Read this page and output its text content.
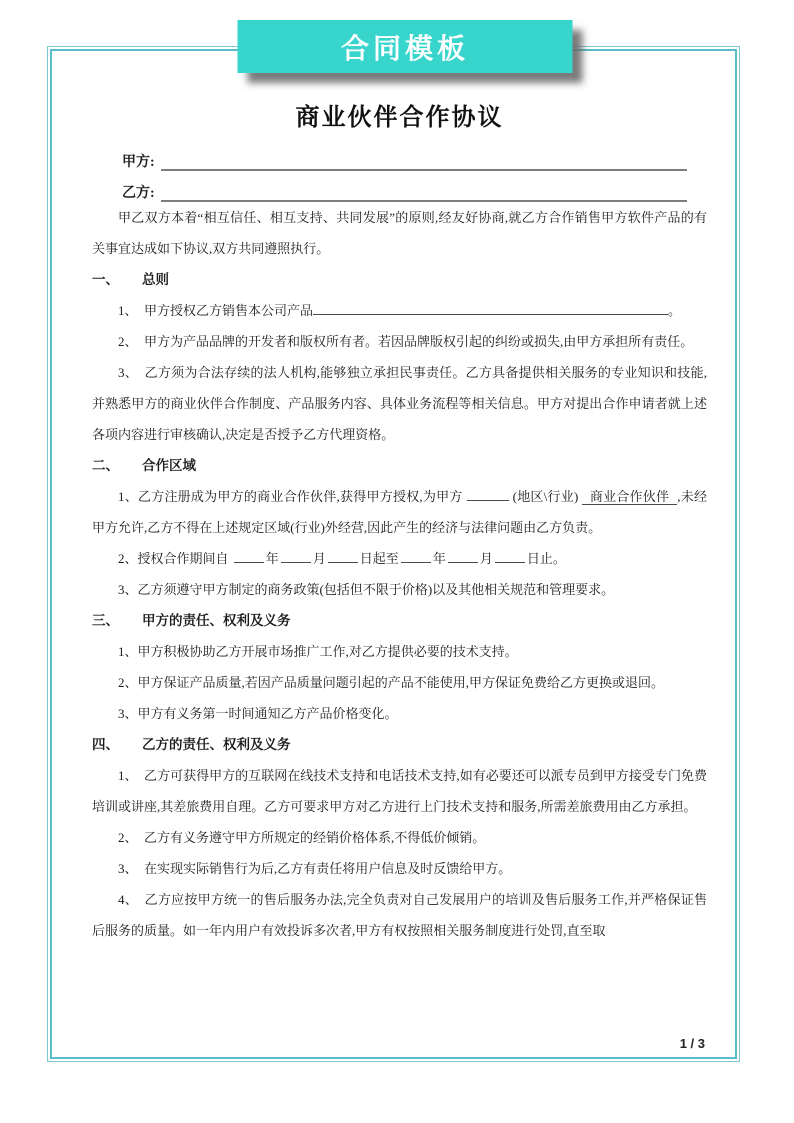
商业伙伴合作协议
甲方:
乙方:

甲乙双方本着“相互信任、相互支持、共同发展”的原则,经友好协商,就乙方合作销售甲方软件产品的有关事宜达成如下协议,双方共同遵照执行。

一、 总则

1、　甲方授权乙方销售本公司产品	。

2、　甲方为产品品牌的开发者和版权所有者。若因品牌版权引起的纠纷或损失,由甲方承担所有责任。

3、　乙方须为合法存续的法人机构,能够独立承担民事责任。乙方具备提供相关服务的专业知识和技能,并熟悉甲方的商业伙伴合作制度、产品服务内容、具体业务流程等相关信息。甲方对提出合作申请者就上述各项内容进行审核确认,决定是否授予乙方代理资格。

二、 合作区域

1、乙方注册成为甲方的商业合作伙伴,获得甲方授权,为甲方	(地区\行业) 商业合作伙伴 ,未经甲方允许,乙方不得在上述规定区域(行业)外经营,因此产生的经济与法律问题由乙方负责。

2、授权合作期间自	年	月	日起至	年	月	日止。

3、乙方须遵守甲方制定的商务政策(包括但不限于价格)以及其他相关规范和管理要求。

三、 甲方的责任、权利及义务

1、甲方积极协助乙方开展市场推广工作,对乙方提供必要的技术支持。

2、甲方保证产品质量,若因产品质量问题引起的产品不能使用,甲方保证免费给乙方更换或退回。

3、甲方有义务第一时间通知乙方产品价格变化。

四、 乙方的责任、权利及义务

1、　乙方可获得甲方的互联网在线技术支持和电话技术支持,如有必要还可以派专员到甲方接受专门免费培训或讲座,其差旅费用自理。乙方可要求甲方对乙方进行上门技术支持和服务,所需差旅费用由乙方承担。

2、　乙方有义务遵守甲方所规定的经销价格体系,不得低价倾销。

3、　在实现实际销售行为后,乙方有责任将用户信息及时反馈给甲方。

4、　乙方应按甲方统一的售后服务办法,完全负责对自己发展用户的培训及售后服务工作,并严格保证售后服务的质量。如一年内用户有效投诉多次者,甲方有权按照相关服务制度进行处罚,直至取

1 / 3
合同模板
